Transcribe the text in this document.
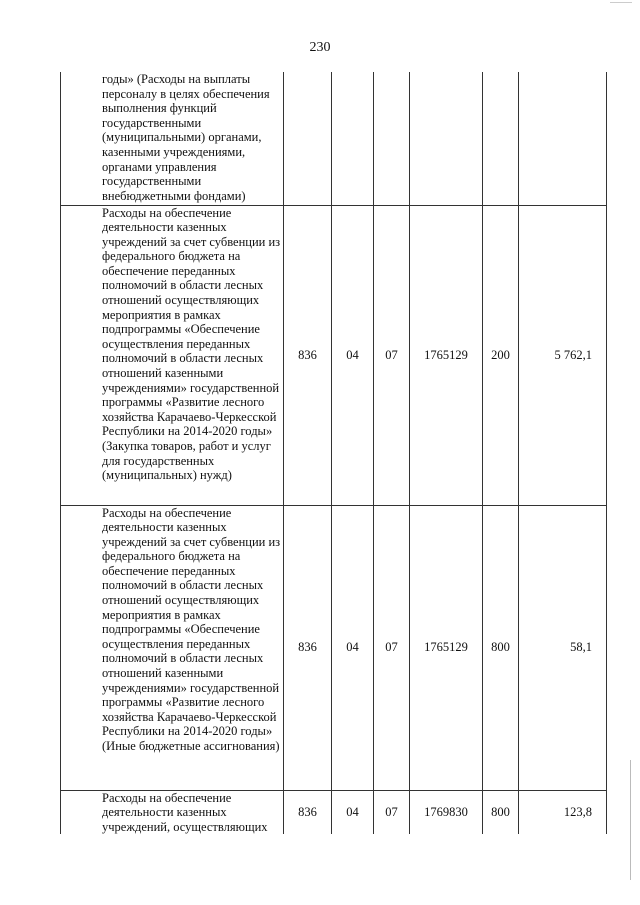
230
годы» (Расходы на выплаты персоналу в целях обеспечения выполнения функций государственными (муниципальными) органами, казенными учреждениями, органами управления государственными внебюджетными фондами)						
Расходы на обеспечение деятельности казенных учреждений за счет субвенции из федерального бюджета на обеспечение переданных полномочий в области лесных отношений осуществляющих мероприятия в рамках подпрограммы «Обеспечение осуществления переданных полномочий в области лесных отношений казенными учреждениями» государственной программы «Развитие лесного хозяйства Карачаево-Черкесской Республики на 2014-2020 годы» (Закупка товаров, работ и услуг для государственных (муниципальных) нужд)	836	04	07	1765129	200	5 762,1
Расходы на обеспечение деятельности казенных учреждений за счет субвенции из федерального бюджета на обеспечение переданных полномочий в области лесных отношений осуществляющих мероприятия в рамках подпрограммы «Обеспечение осуществления переданных полномочий в области лесных отношений казенными учреждениями» государственной программы «Развитие лесного хозяйства Карачаево-Черкесской Республики на 2014-2020 годы» (Иные бюджетные ассигнования)	836	04	07	1765129	800	58,1
Расходы на обеспечение деятельности казенных учреждений, осуществляющих	836	04	07	1769830	800	123,8
